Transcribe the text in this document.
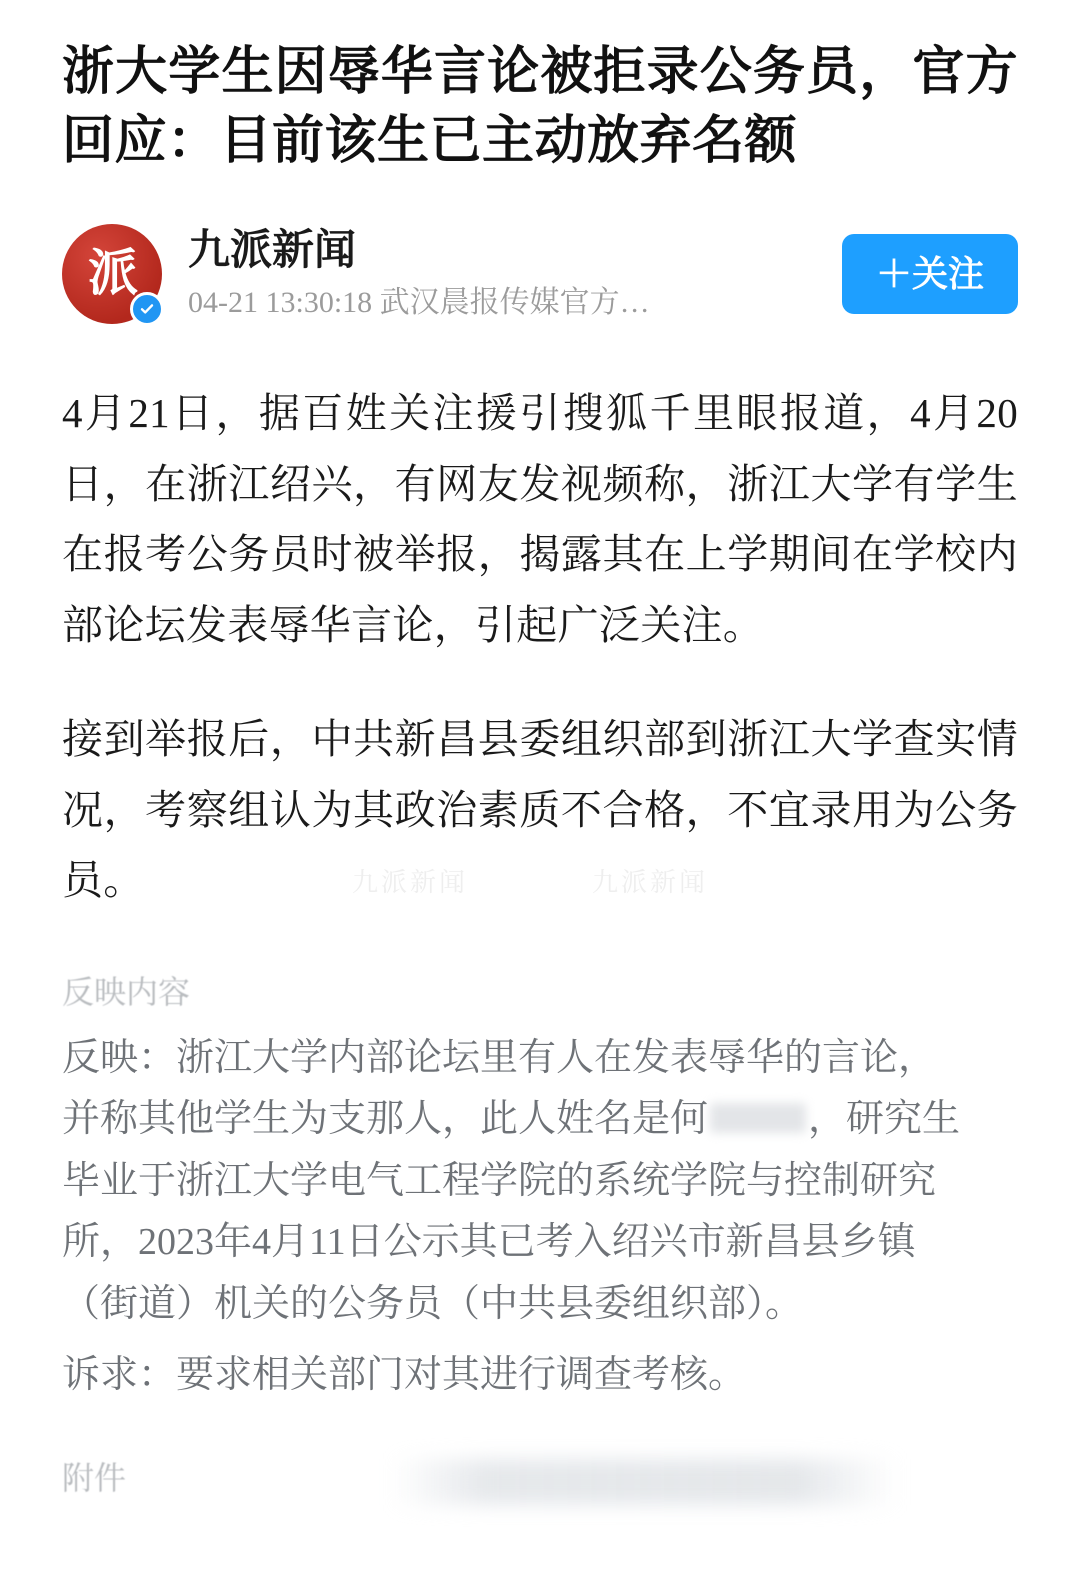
浙大学生因辱华言论被拒录公务员，官方回应：目前该生已主动放弃名额
派 九派新闻
04-21 13:30:18 武汉晨报传媒官方…
＋关注

4月21日，据百姓关注援引搜狐千里眼报道，4月20日，在浙江绍兴，有网友发视频称，浙江大学有学生在报考公务员时被举报，揭露其在上学期间在学校内部论坛发表辱华言论，引起广泛关注。

接到举报后，中共新昌县委组织部到浙江大学查实情况，考察组认为其政治素质不合格，不宜录用为公务员。

反映内容
反映：浙江大学内部论坛里有人在发表辱华的言论，
并称其他学生为支那人，此人姓名是何	，研究生
毕业于浙江大学电气工程学院的系统学院与控制研究
所，2023年4月11日公示其已考入绍兴市新昌县乡镇
（街道）机关的公务员（中共县委组织部）。
诉求：要求相关部门对其进行调查考核。
附件
九派新闻	九派新闻
